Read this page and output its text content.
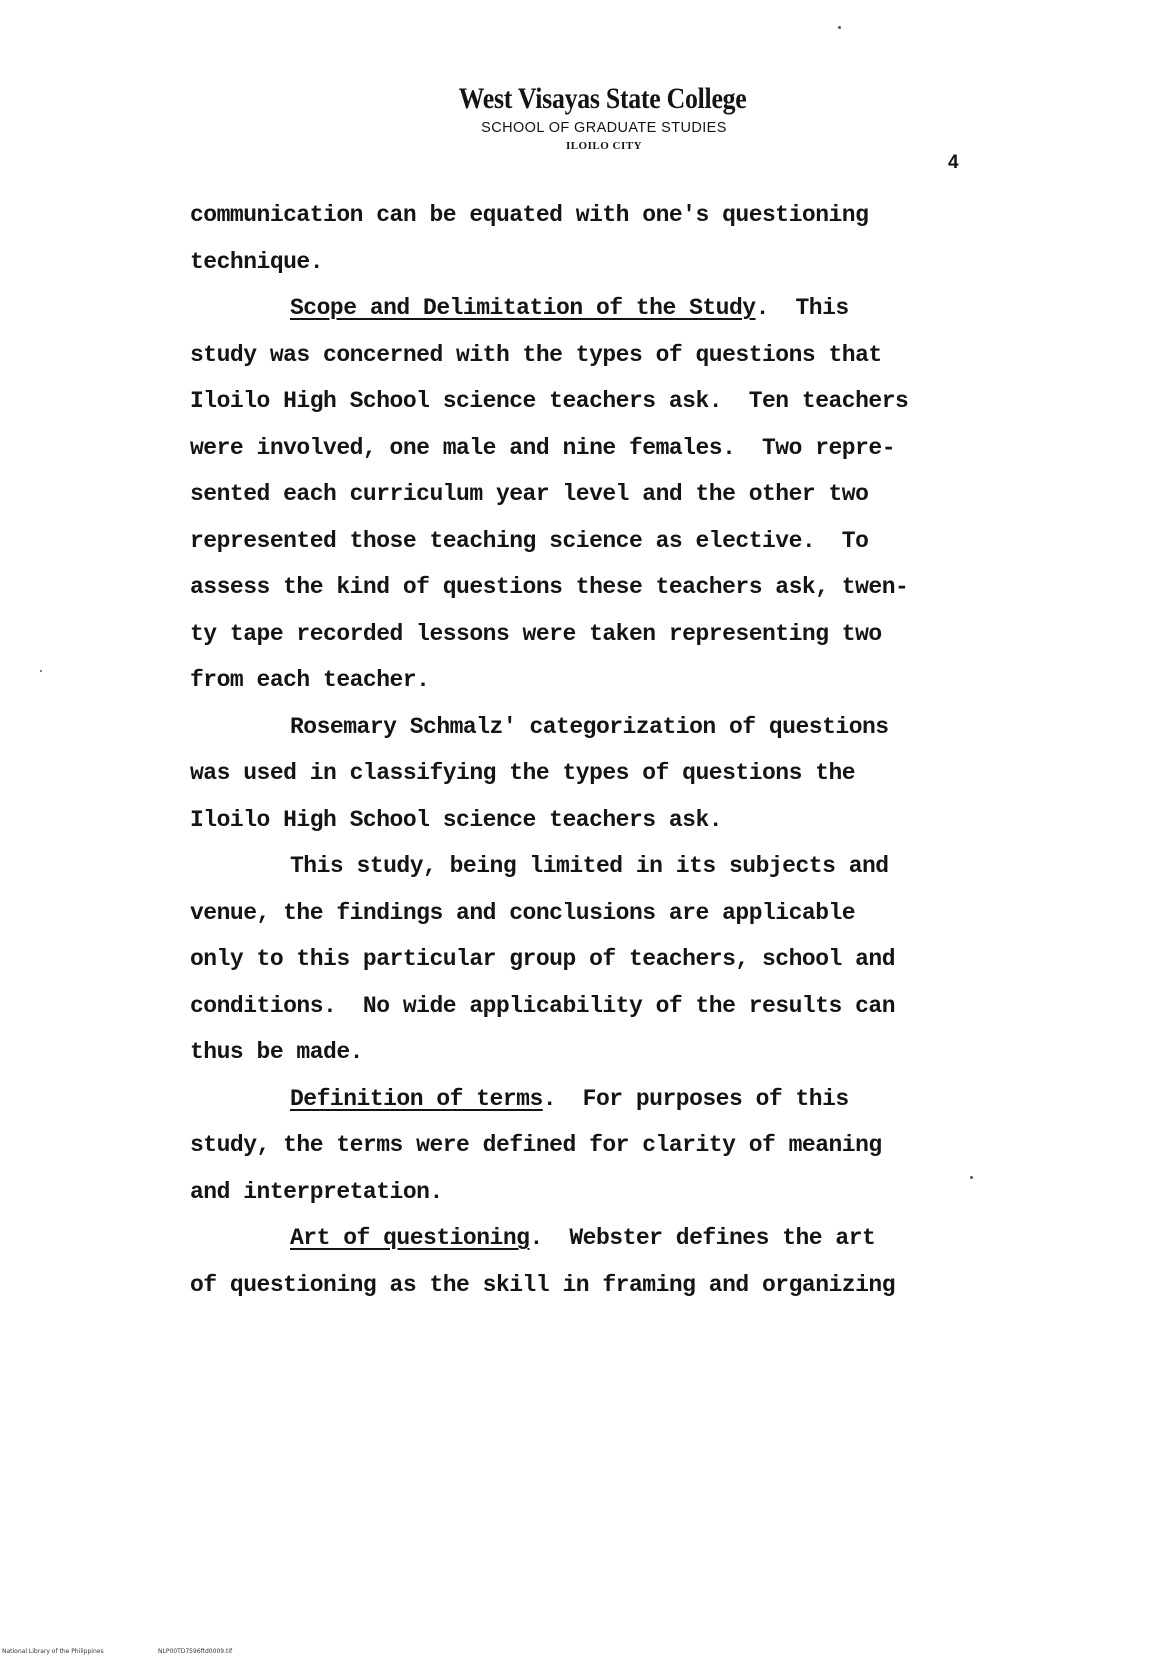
West Visayas State College
SCHOOL OF GRADUATE STUDIES
ILOILO CITY
4
communication can be equated with one's questioning
technique.
Scope and Delimitation of the Study.  This
study was concerned with the types of questions that
Iloilo High School science teachers ask.  Ten teachers
were involved, one male and nine females.  Two repre-
sented each curriculum year level and the other two
represented those teaching science as elective.  To
assess the kind of questions these teachers ask, twen-
ty tape recorded lessons were taken representing two
from each teacher.
Rosemary Schmalz' categorization of questions
was used in classifying the types of questions the
Iloilo High School science teachers ask.
This study, being limited in its subjects and
venue, the findings and conclusions are applicable
only to this particular group of teachers, school and
conditions.  No wide applicability of the results can
thus be made.
Definition of terms.  For purposes of this
study, the terms were defined for clarity of meaning
and interpretation.
Art of questioning.  Webster defines the art
of questioning as the skill in framing and organizing
National Library of the Philippines	NLP00TD7596ftd0009.tif
